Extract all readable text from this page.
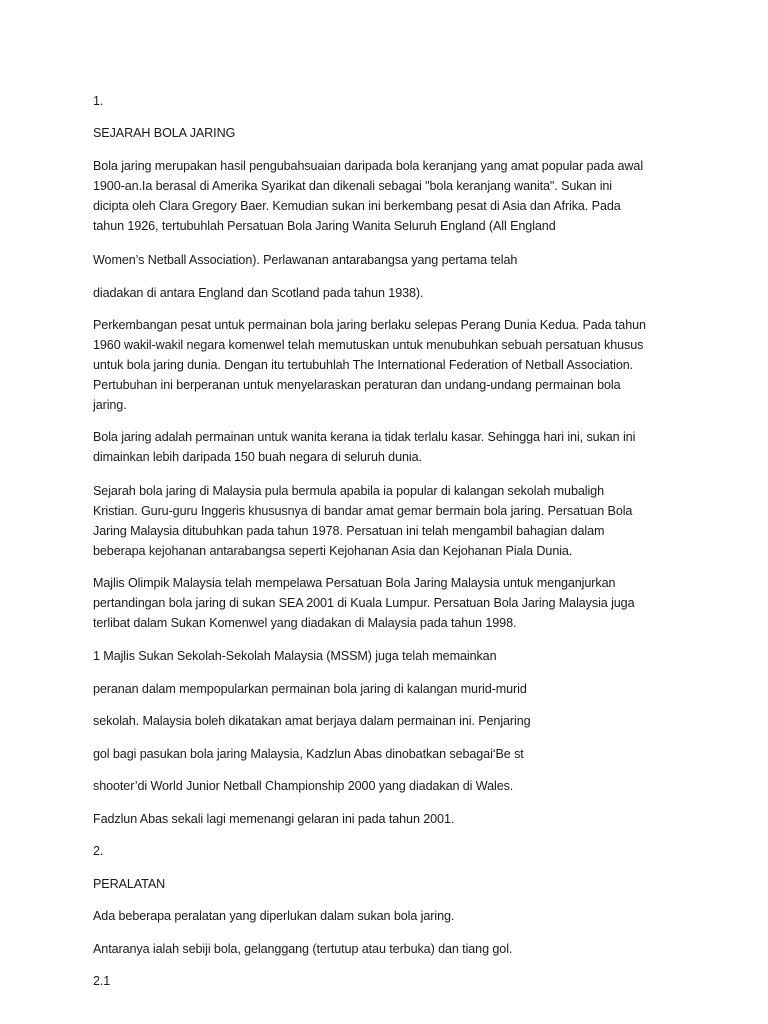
1.
SEJARAH BOLA JARING
Bola jaring merupakan hasil pengubahsuaian daripada bola keranjang yang amat popular pada awal
1900-an.Ia berasal di Amerika Syarikat dan dikenali sebagai "bola keranjang wanita". Sukan ini
dicipta oleh Clara Gregory Baer. Kemudian sukan ini berkembang pesat di Asia dan Afrika. Pada
tahun 1926, tertubuhlah Persatuan Bola Jaring Wanita Seluruh England (All England
Women’s Netball Association). Perlawanan antarabangsa yang pertama telah
diadakan di antara England dan Scotland pada tahun 1938).
Perkembangan pesat untuk permainan bola jaring berlaku selepas Perang Dunia Kedua. Pada tahun
1960 wakil-wakil negara komenwel telah memutuskan untuk menubuhkan sebuah persatuan khusus
untuk bola jaring dunia. Dengan itu tertubuhlah The International Federation of Netball Association.
Pertubuhan ini berperanan untuk menyelaraskan peraturan dan undang-undang permainan bola
jaring.
Bola jaring adalah permainan untuk wanita kerana ia tidak terlalu kasar. Sehingga hari ini, sukan ini
dimainkan lebih daripada 150 buah negara di seluruh dunia.
Sejarah bola jaring di Malaysia pula bermula apabila ia popular di kalangan sekolah mubaligh
Kristian. Guru-guru Inggeris khususnya di bandar amat gemar bermain bola jaring. Persatuan Bola
Jaring Malaysia ditubuhkan pada tahun 1978. Persatuan ini telah mengambil bahagian dalam
beberapa kejohanan antarabangsa seperti Kejohanan Asia dan Kejohanan Piala Dunia.
Majlis Olimpik Malaysia telah mempelawa Persatuan Bola Jaring Malaysia untuk menganjurkan
pertandingan bola jaring di sukan SEA 2001 di Kuala Lumpur. Persatuan Bola Jaring Malaysia juga
terlibat dalam Sukan Komenwel yang diadakan di Malaysia pada tahun 1998.
1 Majlis Sukan Sekolah-Sekolah Malaysia (MSSM) juga telah memainkan
peranan dalam mempopularkan permainan bola jaring di kalangan murid-murid
sekolah. Malaysia boleh dikatakan amat berjaya dalam permainan ini. Penjaring
gol bagi pasukan bola jaring Malaysia, Kadzlun Abas dinobatkan sebagai‘Be st
shooter’di World Junior Netball Championship 2000 yang diadakan di Wales.
Fadzlun Abas sekali lagi memenangi gelaran ini pada tahun 2001.
2.
PERALATAN
Ada beberapa peralatan yang diperlukan dalam sukan bola jaring.
Antaranya ialah sebiji bola, gelanggang (tertutup atau terbuka) dan tiang gol.
2.1
